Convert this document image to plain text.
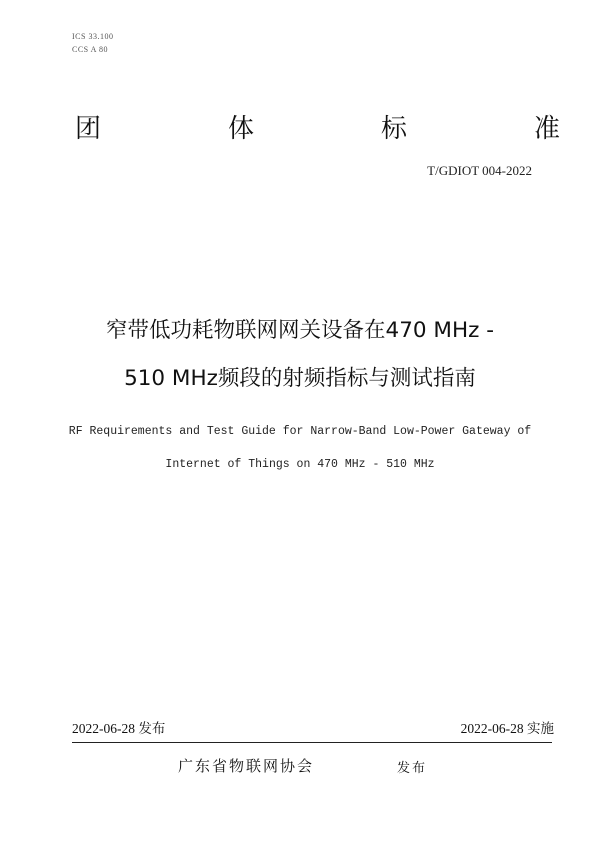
ICS 33.100
CCS A 80
团	体	标	准
T/GDIOT 004-2022
窄带低功耗物联网网关设备在470 MHz -
510 MHz频段的射频指标与测试指南
RF Requirements and Test Guide for Narrow-Band Low-Power Gateway of
Internet of Things on 470 MHz - 510 MHz
2022-06-28 发布	2022-06-28 实施
广东省物联网协会	发布
